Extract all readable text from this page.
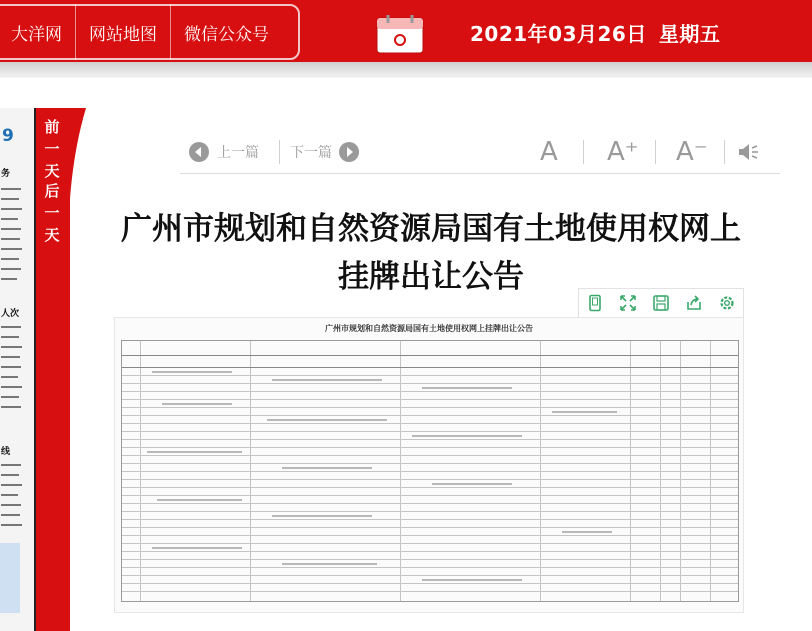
大洋网	网站地图	微信公众号	2021年03月26日 星期五
9
务
人次
线
前
一
天
后
一
天
上一篇 下一篇	A A⁺ A⁻
广州市规划和自然资源局国有土地使用权网上
挂牌出让公告
广州市规划和自然资源局国有土地使用权网上挂牌出让公告
